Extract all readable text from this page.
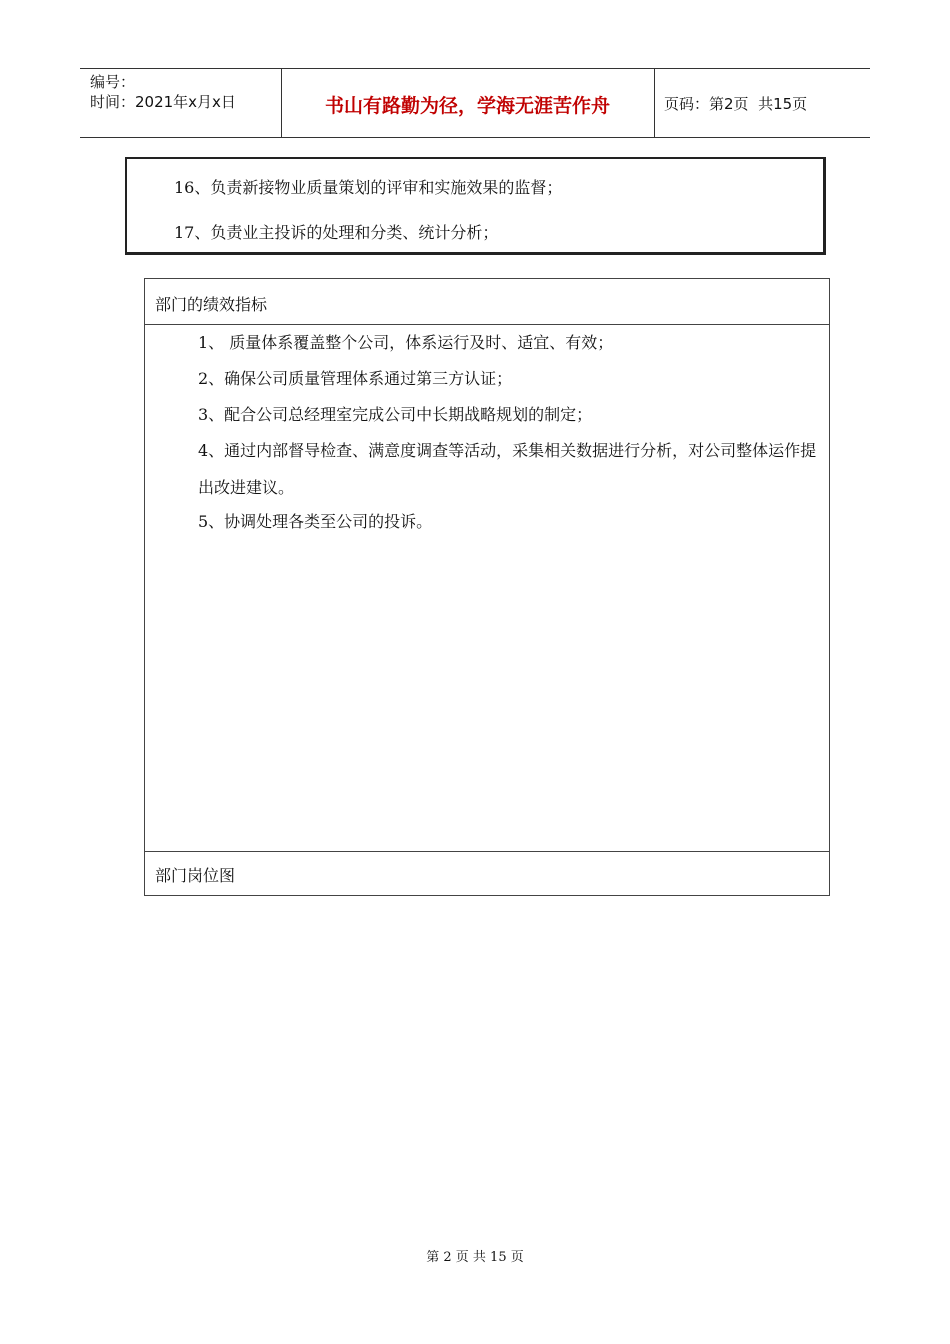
编号：
时间：2021年x月x日	书山有路勤为径，学海无涯苦作舟	页码：第2页  共15页
16、负责新接物业质量策划的评审和实施效果的监督；
17、负责业主投诉的处理和分类、统计分析；
部门的绩效指标
1、 质量体系覆盖整个公司，体系运行及时、适宜、有效；
2、确保公司质量管理体系通过第三方认证；
3、配合公司总经理室完成公司中长期战略规划的制定；
4、通过内部督导检查、满意度调查等活动，采集相关数据进行分析，对公司整体运作提出改进建议。
5、协调处理各类至公司的投诉。
部门岗位图
第 2 页 共 15 页
